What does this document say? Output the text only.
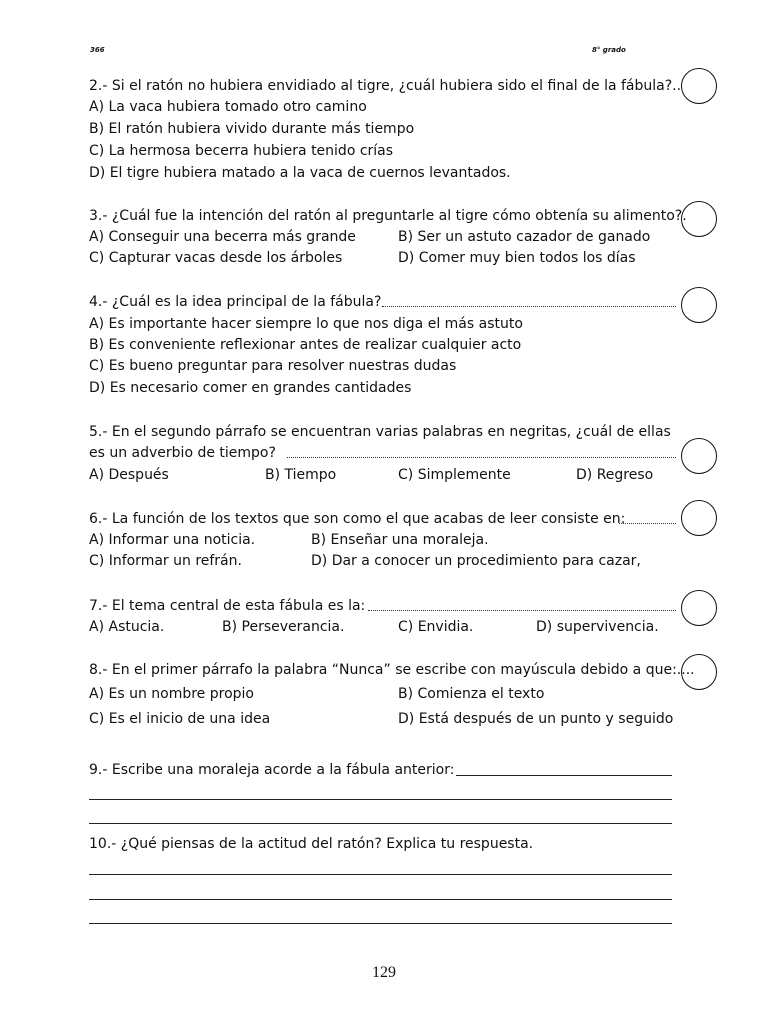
366	8° grado
2.- Si el ratón no hubiera envidiado al tigre, ¿cuál hubiera sido el final de la fábula?..
A) La vaca hubiera tomado otro camino
B) El ratón hubiera vivido durante más tiempo
C) La hermosa becerra hubiera tenido crías
D) El tigre hubiera matado a la vaca de cuernos levantados.
3.- ¿Cuál fue la intención del ratón al preguntarle al tigre cómo obtenía su alimento?.
A) Conseguir una becerra más grande	B) Ser un astuto cazador de ganado
C) Capturar vacas desde los árboles	D) Comer muy bien todos los días
4.- ¿Cuál es la idea principal de la fábula?
A) Es importante hacer siempre lo que nos diga el más astuto
B) Es conveniente reflexionar antes de realizar cualquier acto
C) Es bueno preguntar para resolver nuestras dudas
D) Es necesario comer en grandes cantidades
5.- En el segundo párrafo se encuentran varias palabras en negritas, ¿cuál de ellas
es un adverbio de tiempo?
A) Después	B) Tiempo	C) Simplemente	D) Regreso
6.- La función de los textos que son como el que acabas de leer consiste en:
A) Informar una noticia.	B) Enseñar una moraleja.
C) Informar un refrán.	D) Dar a conocer un procedimiento para cazar,
7.- El tema central de esta fábula es la:
A) Astucia.	B) Perseverancia.	C) Envidia.	D) supervivencia.
8.- En el primer párrafo la palabra “Nunca” se escribe con mayúscula debido a que:....
A) Es un nombre propio	B) Comienza el texto
C) Es el inicio de una idea	D) Está después de un punto y seguido
9.- Escribe una moraleja acorde a la fábula anterior:
10.- ¿Qué piensas de la actitud del ratón? Explica tu respuesta.
129
